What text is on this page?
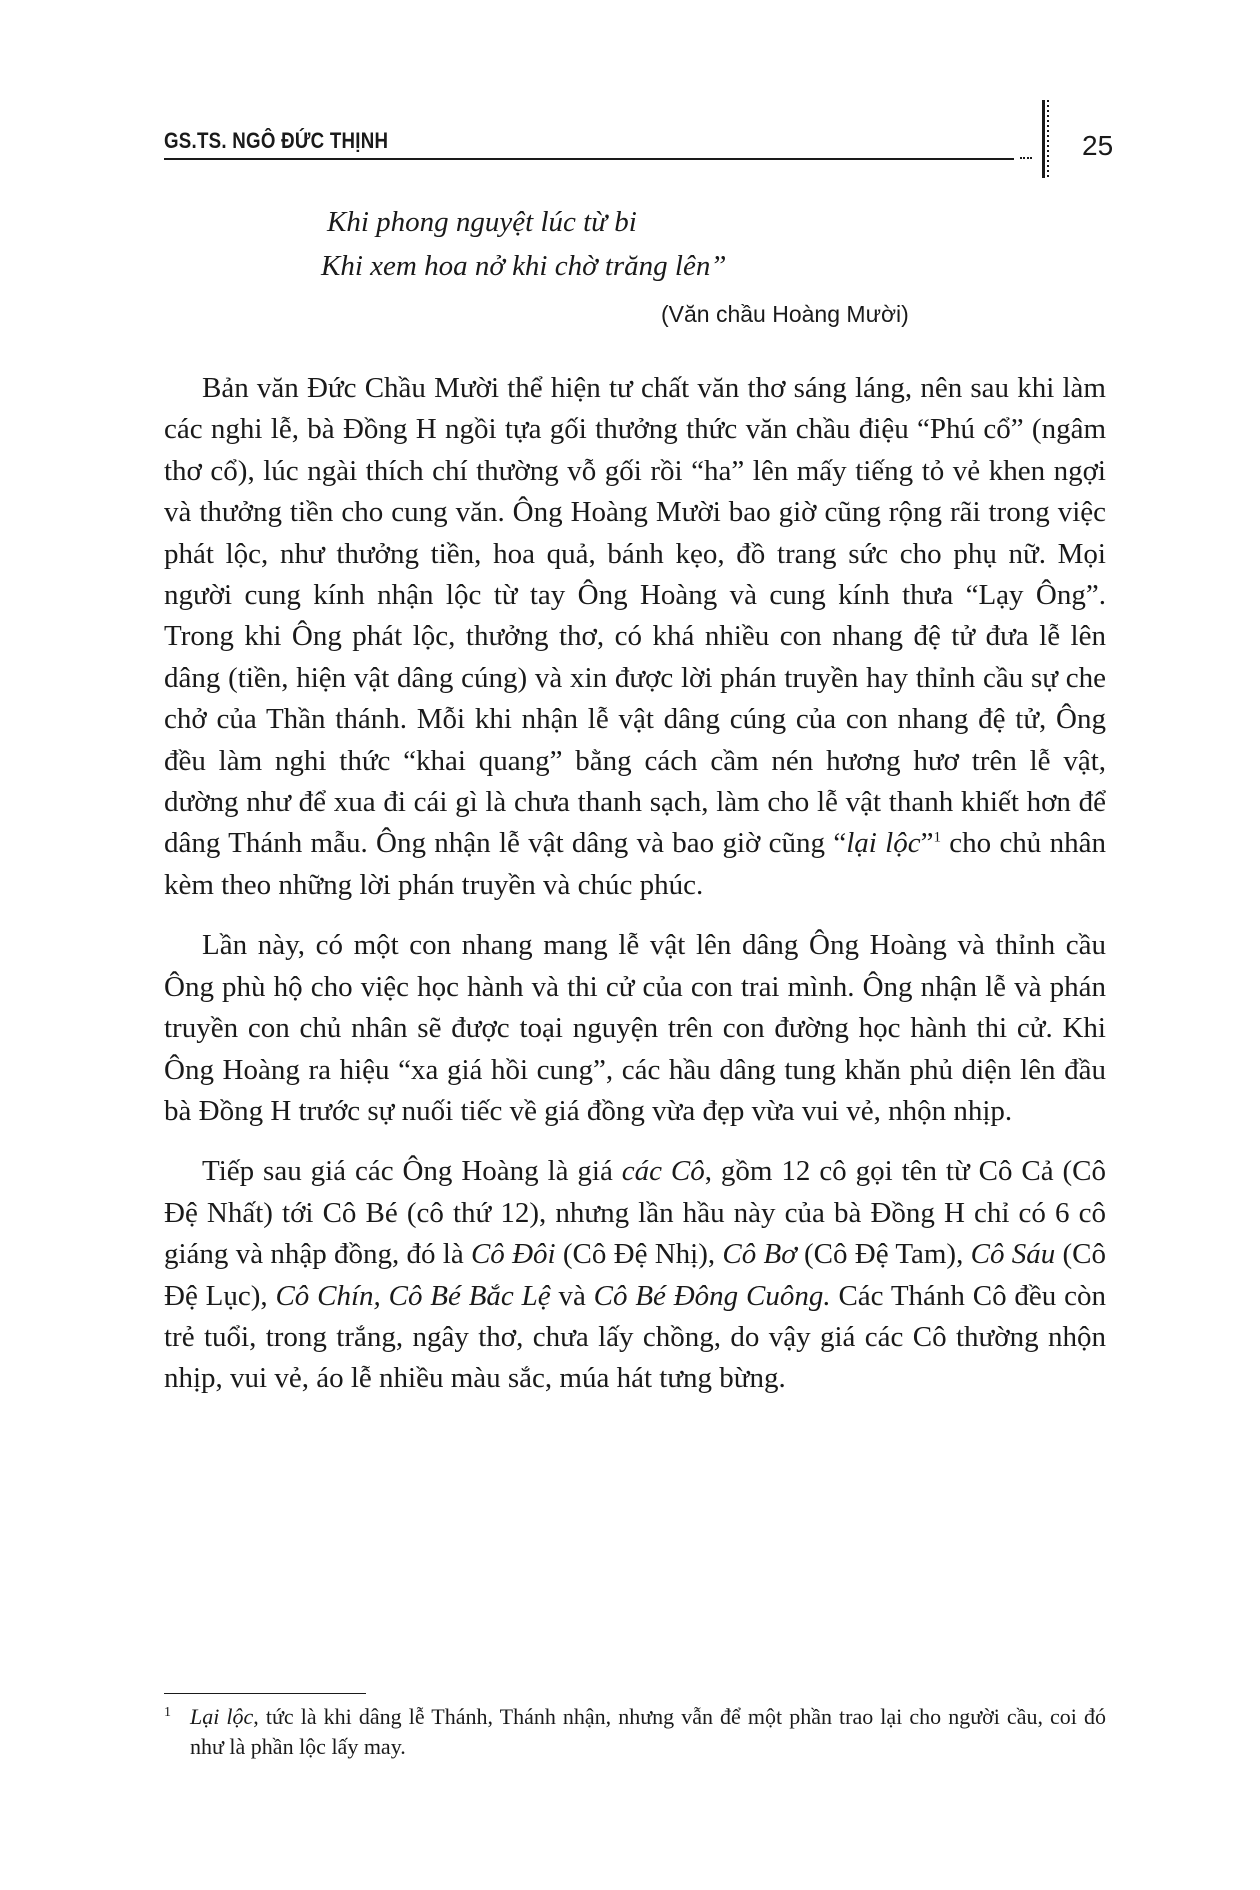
GS.TS. NGÔ ĐỨC THỊNH	25
Khi phong nguyệt lúc từ bi
Khi xem hoa nở khi chờ trăng lên”
(Văn chầu Hoàng Mười)

Bản văn Đức Chầu Mười thể hiện tư chất văn thơ sáng láng, nên sau khi làm các nghi lễ, bà Đồng H ngồi tựa gối thưởng thức văn chầu điệu “Phú cổ” (ngâm thơ cổ), lúc ngài thích chí thường vỗ gối rồi “ha” lên mấy tiếng tỏ vẻ khen ngợi và thưởng tiền cho cung văn. Ông Hoàng Mười bao giờ cũng rộng rãi trong việc phát lộc, như thưởng tiền, hoa quả, bánh kẹo, đồ trang sức cho phụ nữ. Mọi người cung kính nhận lộc từ tay Ông Hoàng và cung kính thưa “Lạy Ông”. Trong khi Ông phát lộc, thưởng thơ, có khá nhiều con nhang đệ tử đưa lễ lên dâng (tiền, hiện vật dâng cúng) và xin được lời phán truyền hay thỉnh cầu sự che chở của Thần thánh. Mỗi khi nhận lễ vật dâng cúng của con nhang đệ tử, Ông đều làm nghi thức “khai quang” bằng cách cầm nén hương hươ trên lễ vật, dường như để xua đi cái gì là chưa thanh sạch, làm cho lễ vật thanh khiết hơn để dâng Thánh mẫu. Ông nhận lễ vật dâng và bao giờ cũng “lại lộc”$^1$ cho chủ nhân kèm theo những lời phán truyền và chúc phúc.

Lần này, có một con nhang mang lễ vật lên dâng Ông Hoàng và thỉnh cầu Ông phù hộ cho việc học hành và thi cử của con trai mình. Ông nhận lễ và phán truyền con chủ nhân sẽ được toại nguyện trên con đường học hành thi cử. Khi Ông Hoàng ra hiệu “xa giá hồi cung”, các hầu dâng tung khăn phủ diện lên đầu bà Đồng H trước sự nuối tiếc về giá đồng vừa đẹp vừa vui vẻ, nhộn nhịp.

Tiếp sau giá các Ông Hoàng là giá các Cô, gồm 12 cô gọi tên từ Cô Cả (Cô Đệ Nhất) tới Cô Bé (cô thứ 12), nhưng lần hầu này của bà Đồng H chỉ có 6 cô giáng và nhập đồng, đó là Cô Đôi (Cô Đệ Nhị), Cô Bơ (Cô Đệ Tam), Cô Sáu (Cô Đệ Lục), Cô Chín, Cô Bé Bắc Lệ và Cô Bé Đông Cuông. Các Thánh Cô đều còn trẻ tuổi, trong trắng, ngây thơ, chưa lấy chồng, do vậy giá các Cô thường nhộn nhịp, vui vẻ, áo lễ nhiều màu sắc, múa hát tưng bừng.

1 Lại lộc, tức là khi dâng lễ Thánh, Thánh nhận, nhưng vẫn để một phần trao lại cho người cầu, coi đó như là phần lộc lấy may.
